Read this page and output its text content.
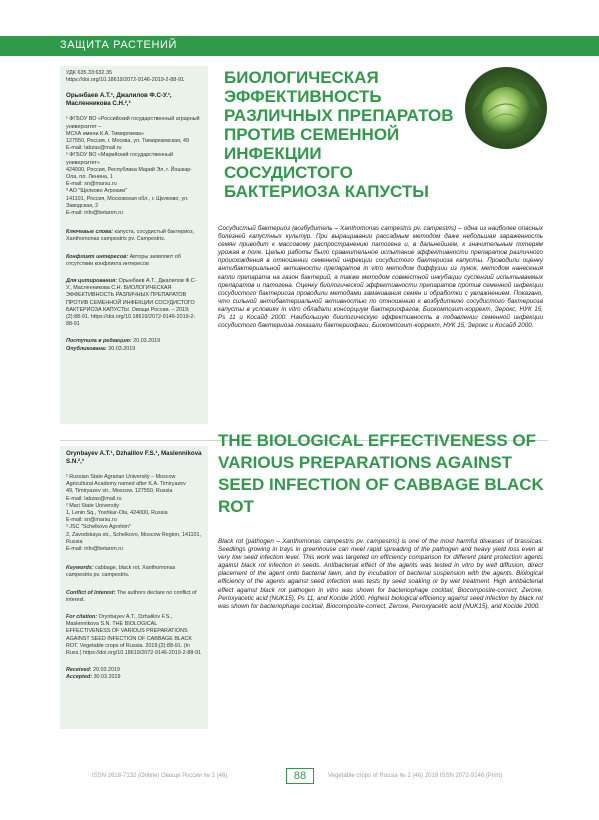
ЗАЩИТА РАСТЕНИЙ

УДК 635.33:632.35

https://doi.org/10.18619/2072-9146-2019-2-88-91

Орынбаев А.Т.¹, Джалилов Ф.С-У.¹, Масленникова С.Н.²,³

¹ ФГБОУ ВО «Российский государственный аграрный университет –
МСХА имени К.А. Тимирязева»
127550, Россия, г. Москва, ул. Тимирязевская, 49
E-mail: labzas@mail.ru
² ФГБОУ ВО «Марийский государственный университет»
424000, Россия, Республика Марий Эл, г. Йошкар-Ола, пл. Ленина, 1
E-mail: sn@marsu.ru
³ АО "Щелково Агрохим"
141101, Россия, Московская обл., г. Щелково, ул. Заводская, 2
E-mail: info@betaren.ru

Ключевые слова: капуста, сосудистый бактериоз, Xanthomonas campestris pv. Campestris.

Конфликт интересов: Авторы заявляют об отсутствии конфликта интересов

Для цитирования: Орынбаев А.Т., Джалилов Ф.С-У., Масленникова С.Н. БИОЛОГИЧЕСКАЯ ЭФФЕКТИВНОСТЬ РАЗЛИЧНЫХ ПРЕПАРАТОВ ПРОТИВ СЕМЕННОЙ ИНФЕКЦИИ СОСУДИСТОГО БАКТЕРИОЗА КАПУСТЫ. Овощи России. – 2019;(2):88-91. https://doi.org/10.18619/2072-9146-2019-2-88-91

Поступила в редакцию: 20.03.2019
Опубликована: 30.03.2019

БИОЛОГИЧЕСКАЯ ЭФФЕКТИВНОСТЬ РАЗЛИЧНЫХ ПРЕПАРАТОВ ПРОТИВ СЕМЕННОЙ ИНФЕКЦИИ СОСУДИСТОГО БАКТЕРИОЗА КАПУСТЫ

Сосудистый бактериоз (возбудитель – Xanthomonas campestris pv. campestris) – одна из наиболее опасных болезней капустных культур. При выращивании рассадным методом даже небольшая зараженность семян приводит к массовому распространению патогена и, в дальнейшем, к значительным потерям урожая в поле. Целью работы было сравнительное испытание эффективности препаратов различного происхождения в отношении семенной инфекции сосудистого бактериоза капусты. Проводили оценку антибактериальной активности препаратов in vitro методом диффузии из лунок, методом нанесения капли препарата на газон бактерий, а также методом совместной инкубации суспензий испытываемых препаратов и патогена. Оценку биологической эффективности препаратов против семенной инфекции сосудистого бактериоза проводили методами замачивания семян и обработки с увлажнением. Показано, что сильной антибактериальной активностью по отношению к возбудителю сосудистого бактериоза капусты в условиях in vitro обладали консорциум бактериофагов, Биокомпозит-коррект, Зерокс, НУК 15, Ps 11 и Косайд 2000. Наибольшую биологическую эффективность в подавлении семенной инфекции сосудистого бактериоза показали бактериофаги, Биокомпозит-коррект, НУК 15, Зерокс и Косайд 2000.

Orynbayev A.T.¹, Dzhalilov F.S.¹, Maslennikova S.N.²,³

¹ Russian State Agrarian University – Moscow Agricultural Academy named after K.A. Timiryazev
49, Timiryazev str., Moscow, 127550, Russia
E-mail: labzas@mail.ru
² Mari State University
1, Lenin Sq., Yoshkar-Ola, 424000, Russia
E-mail: sn@marsu.ru
³ JSC "Schelkovo Agrohim"
2, Zavodskaya str., Schelkovo, Moscow Region, 141101, Russia
E-mail: info@betaren.ru

Keywords: cabbage, black rot, Xanthomonas campestris pv. campestris.

Conflict of interest: The authors declare no conflict of interest.

For citation: Orynbayev A.T., Dzhalilov F.S., Maslennikova S.N. THE BIOLOGICAL EFFECTIVENESS OF VARIOUS PREPARATIONS AGAINST SEED INFECTION OF CABBAGE BLACK ROT. Vegetable crops of Russia. 2019;(2):88-91. (In Russ.) https://doi.org/10.18619/2072-9146-2019-2-88-91

Received: 20.03.2019
Accepted: 30.03.2019

THE BIOLOGICAL EFFECTIVENESS OF VARIOUS PREPARATIONS AGAINST SEED INFECTION OF CABBAGE BLACK ROT

Black rot (pathogen – Xanthomonas campestris pv. campestris) is one of the most harmful diseases of brassicas. Seedlings growing in trays in greenhouse can meet rapid spreading of the pathogen and heavy yield loss even at very low seed infection level. This work was targeted on efficiency comparison for different plant protection agents against black rot infection in seeds. Antibacterial effect of the agents was tested in vitro by well diffusion, direct placement of the agent onto bacterial lawn, and by incubation of bacterial suspension with the agents. Biological efficiency of the agents against seed infection was tests by seed soaking or by wet treatment. High antibacterial effect against black rot pathogen in vitro was shown for bacteriophage cocktail, Biocomposite-correct, Zeroxe, Peroxyacetic acid (NUK15), Ps 11, and Kocide 2000. Highest biological efficiency against seed infection by black rot was shown for bacteriophage cocktail, Biocomposite-correct, Zeroxe, Peroxyacetic acid (NUK15), and Kocide 2000.

ISSN 2618-7132 (Online) Овощи России № 2 (46)	88	Vegetable crops of Russia № 2 (46) 2019 ISSN 2072-9146 (Print)
